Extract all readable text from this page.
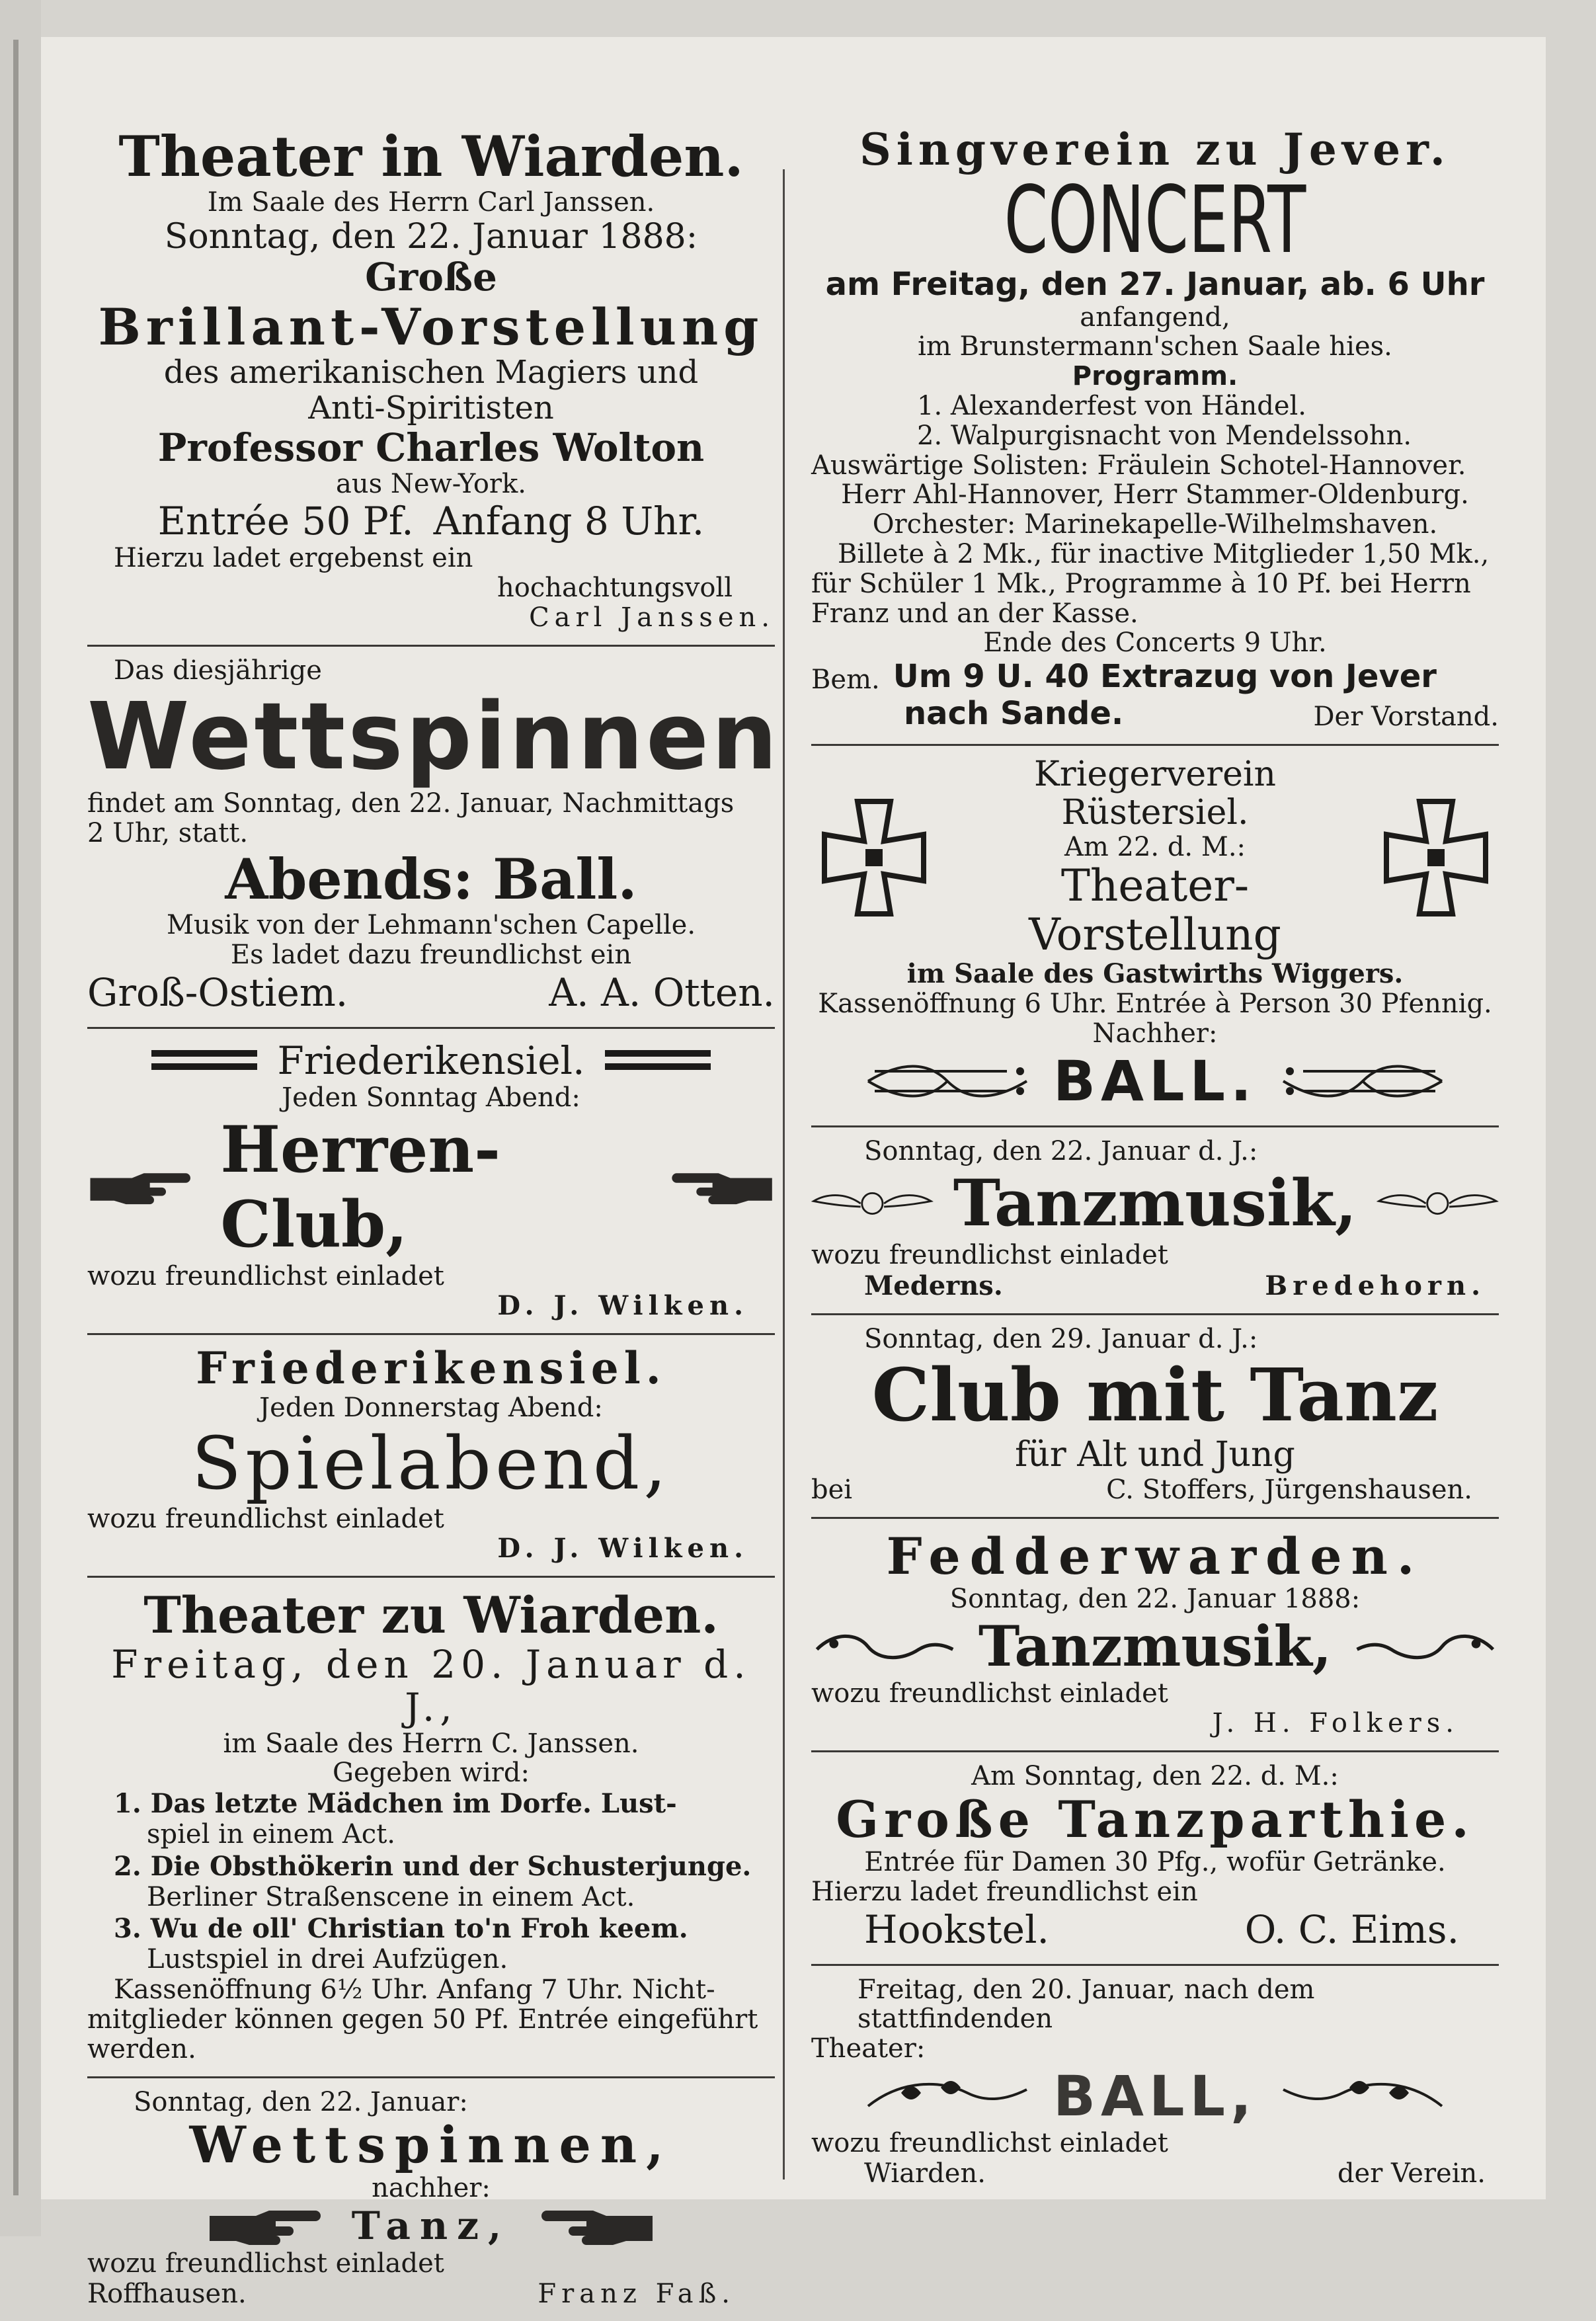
Theater in Wiarden.

Im Saale des Herrn Carl Janssen.

Sonntag, den 22. Januar 1888:

Große

Brillant-Vorstellung

des amerikanischen Magiers und

Anti-Spiritisten

Professor Charles Wolton

aus New-York.

Entrée 50 Pf. Anfang 8 Uhr.

Hierzu ladet ergebenst ein

hochachtungsvoll

Carl Janssen.

Das diesjährige

Wettspinnen

findet am Sonntag, den 22. Januar, Nachmittags

2 Uhr, statt.

Abends: Ball.

Musik von der Lehmann'schen Capelle.

Es ladet dazu freundlichst ein

Groß-Ostiem.	A. A. Otten.
Friederikensiel.

Jeden Sonntag Abend:

Herren-Club,

wozu freundlichst einladet

D. J. Wilken.

Friederikensiel.

Jeden Donnerstag Abend:

Spielabend,

wozu freundlichst einladet

D. J. Wilken.

Theater zu Wiarden.

Freitag, den 20. Januar d. J.,

im Saale des Herrn C. Janssen.

Gegeben wird:

1. Das letzte Mädchen im Dorfe. Lust-
spiel in einem Act.
2. Die Obsthökerin und der Schusterjunge.
Berliner Straßenscene in einem Act.
3. Wu de oll' Christian to'n Froh keem.
Lustspiel in drei Aufzügen.

Kassenöffnung 6½ Uhr. Anfang 7 Uhr. Nicht-

mitglieder können gegen 50 Pf. Entrée eingeführt

werden.

Sonntag, den 22. Januar:

Wettspinnen,

nachher:

Tanz,

wozu freundlichst einladet

Roffhausen.	Franz Faß.

Singverein zu Jever.

CONCERT

am Freitag, den 27. Januar, ab. 6 Uhr

anfangend,

im Brunstermann'schen Saale hies.

Programm.

1. Alexanderfest von Händel.

2. Walpurgisnacht von Mendelssohn.

Auswärtige Solisten: Fräulein Schotel-Hannover.

Herr Ahl-Hannover, Herr Stammer-Oldenburg.

Orchester: Marinekapelle-Wilhelmshaven.

Billete à 2 Mk., für inactive Mitglieder 1,50 Mk.,

für Schüler 1 Mk., Programme à 10 Pf. bei Herrn

Franz und an der Kasse.

Ende des Concerts 9 Uhr.

Bem. Um 9 U. 40 Extrazug von Jever
nach Sande.	Der Vorstand.

Kriegerverein Rüstersiel.

Am 22. d. M.:

Theater-Vorstellung

im Saale des Gastwirths Wiggers.

Kassenöffnung 6 Uhr. Entrée à Person 30 Pfennig.

Nachher:

BALL.

Sonntag, den 22. Januar d. J.:

Tanzmusik,

wozu freundlichst einladet

Mederns.	Bredehorn.

Sonntag, den 29. Januar d. J.:

Club mit Tanz

für Alt und Jung

bei	C. Stoffers, Jürgenshausen.

Fedderwarden.

Sonntag, den 22. Januar 1888:

Tanzmusik,

wozu freundlichst einladet

J. H. Folkers.

Am Sonntag, den 22. d. M.:

Große Tanzparthie.

Entrée für Damen 30 Pfg., wofür Getränke.

Hierzu ladet freundlichst ein

Hookstel.	O. C. Eims.

Freitag, den 20. Januar, nach dem stattfindenden

Theater:

BALL,

wozu freundlichst einladet

Wiarden.	der Verein.
